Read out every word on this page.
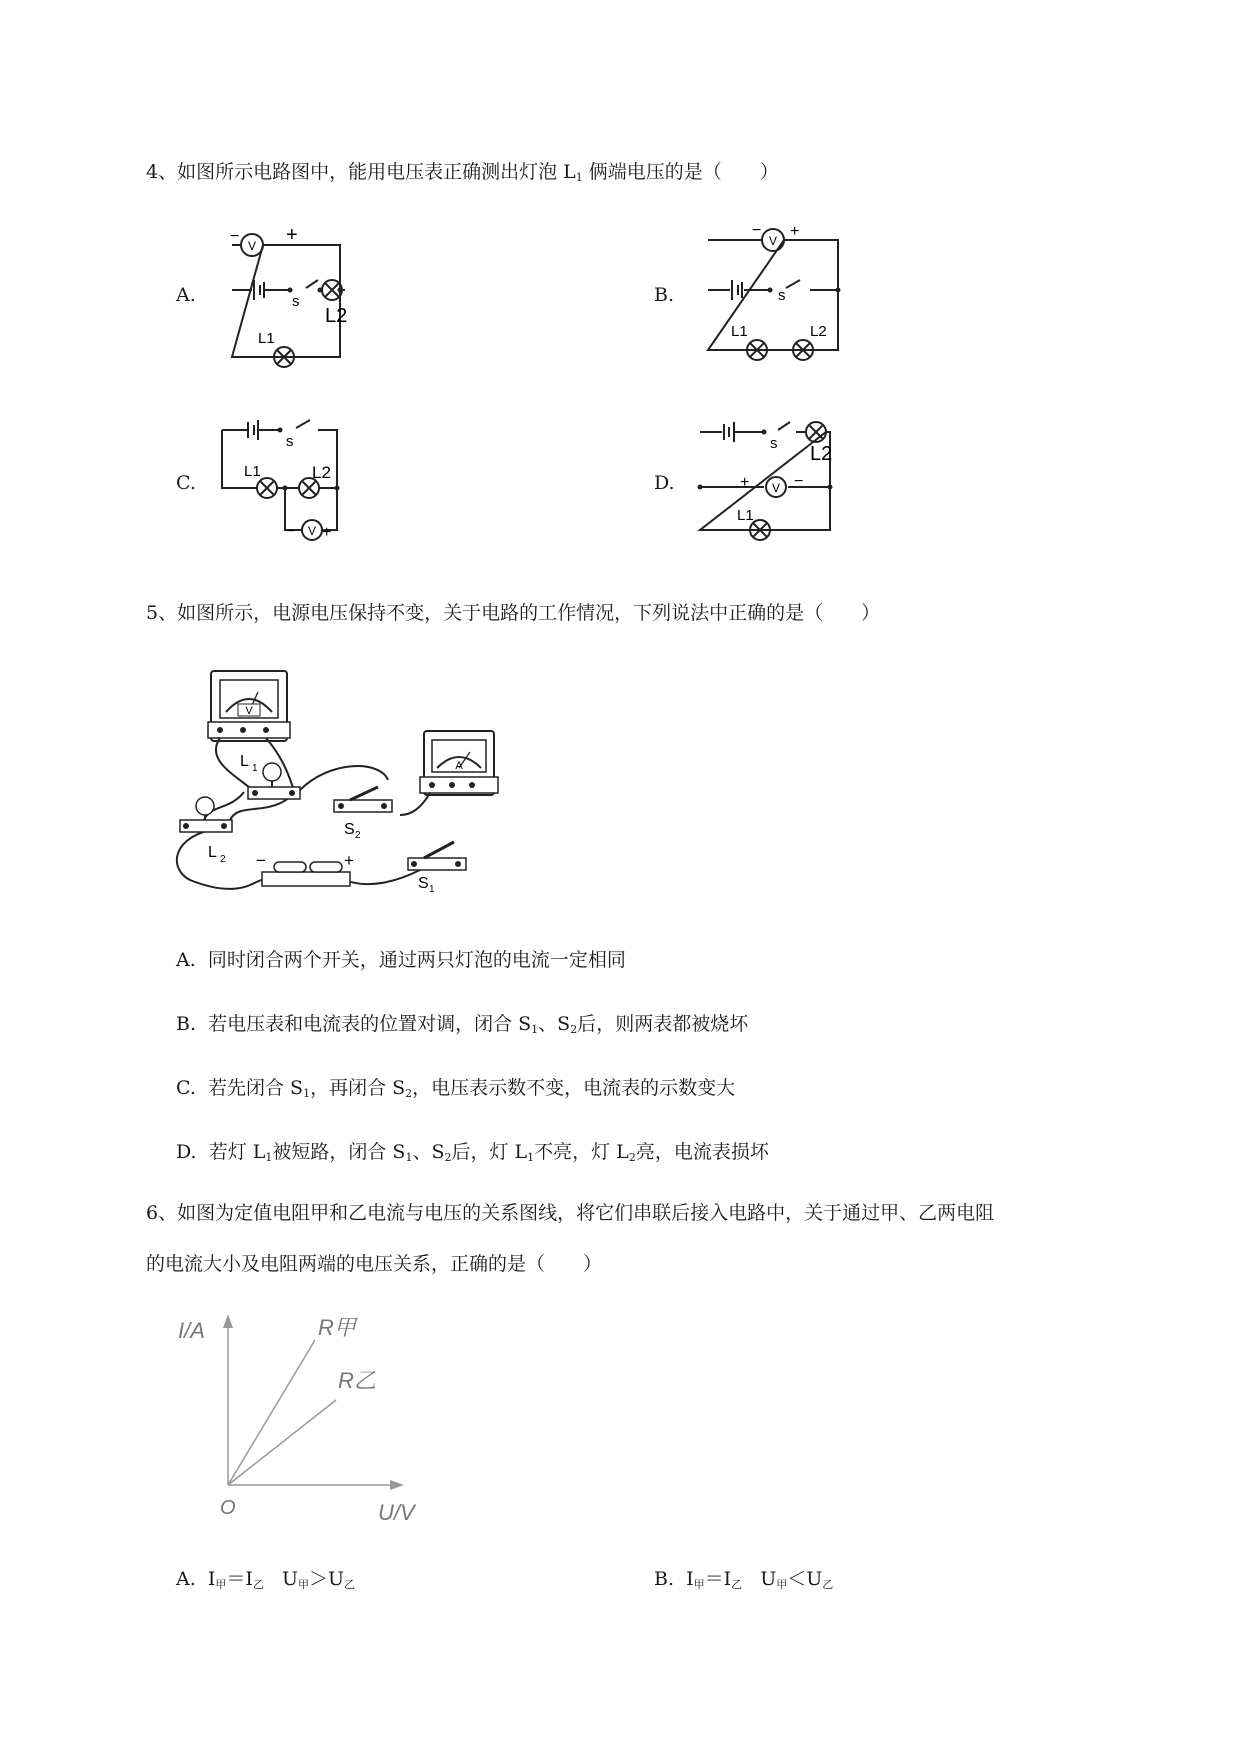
4、如图所示电路图中，能用电压表正确测出灯泡 $L_1$ 俩端电压的是（　　）
A.	B.
C.	D.
V
− +
s
L2
L1
V
− +
s
L1	L2
s
L1	L2
V
− +
s L2
V
+	−
L1
5、如图所示，电源电压保持不变，关于电路的工作情况，下列说法中正确的是（　　）
V
A
L 1
L 2
S 2
−	+
S 1
A. 同时闭合两个开关，通过两只灯泡的电流一定相同
B. 若电压表和电流表的位置对调，闭合 $S_1$、$S_2$后，则两表都被烧坏
C. 若先闭合 $S_1$，再闭合 $S_2$，电压表示数不变，电流表的示数变大
D. 若灯 $L_1$被短路，闭合 $S_1$、$S_2$后，灯 $L_1$不亮，灯 $L_2$亮，电流表损坏
6、如图为定值电阻甲和乙电流与电压的关系图线，将它们串联后接入电路中，关于通过甲、乙两电阻
的电流大小及电阻两端的电压关系，正确的是（　　）
I/A
U/V
O
R甲
R乙
A. $I_甲=I_乙$ $U_甲>U_乙$	B. $I_甲=I_乙$ $U_甲<U_乙$
